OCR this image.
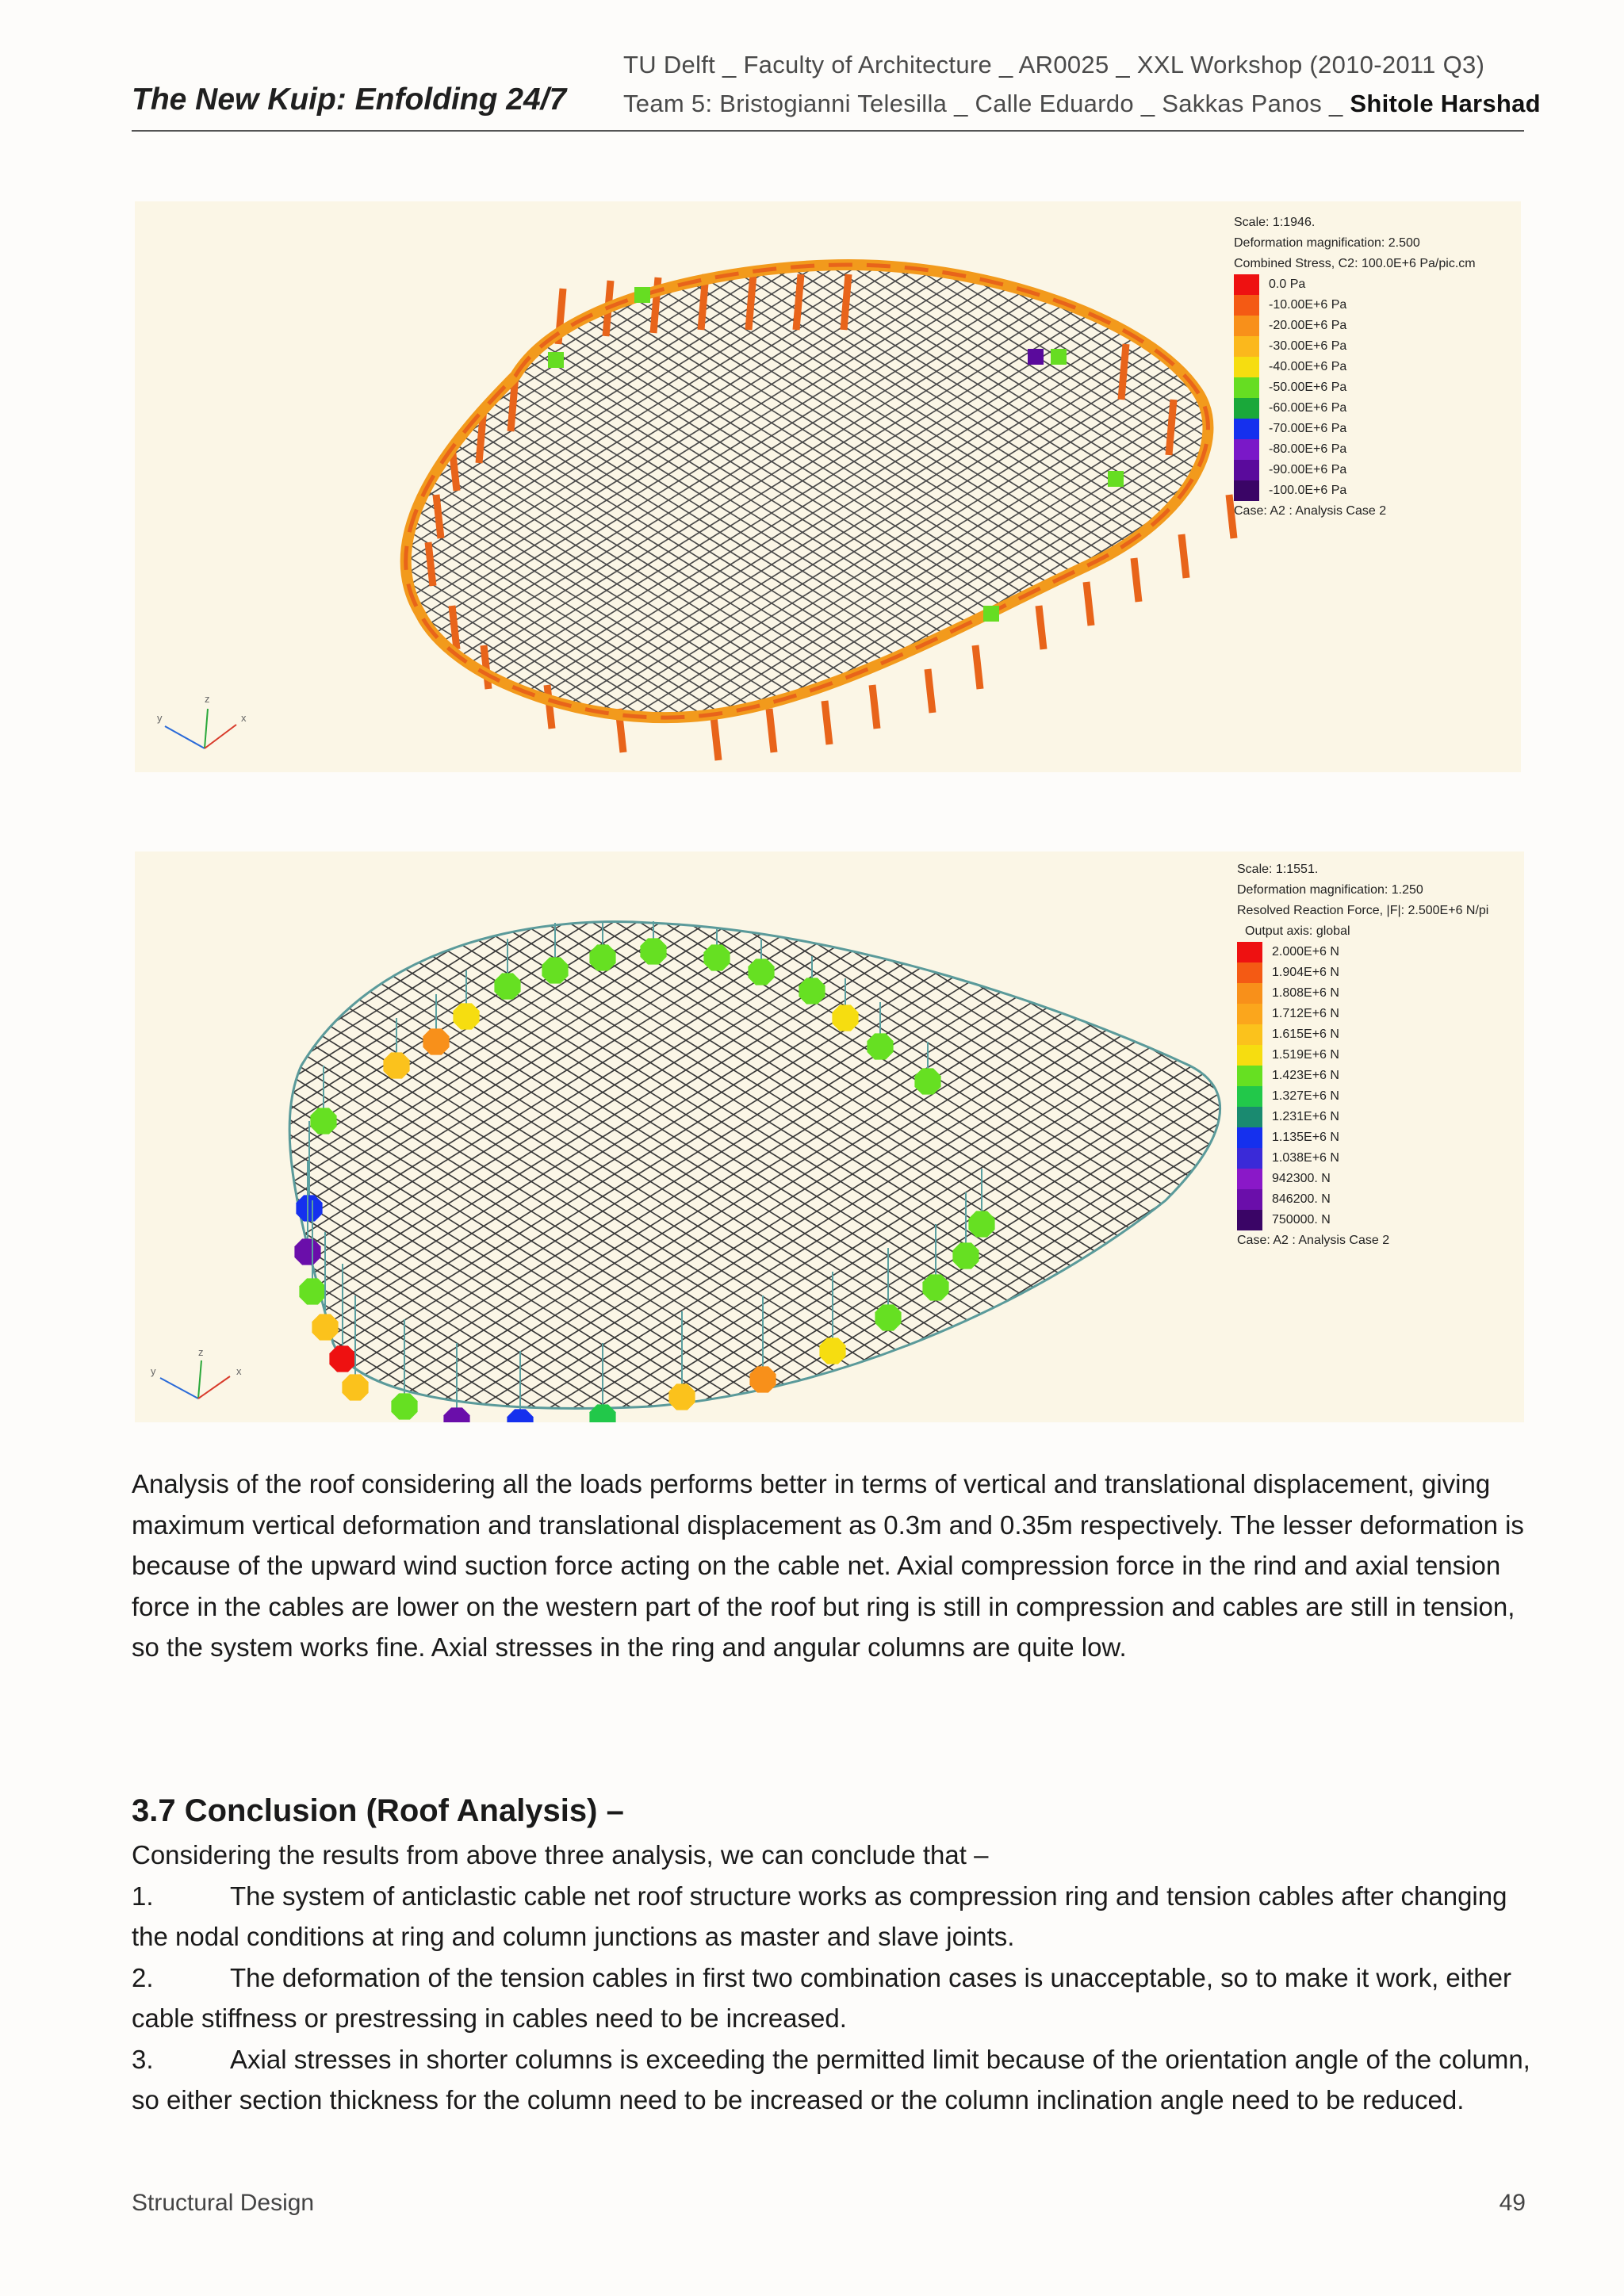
The New Kuip: Enfolding 24/7
TU Delft _ Faculty of Architecture _ AR0025 _ XXL Workshop (2010-2011 Q3)
Team 5: Bristogianni Telesilla _ Calle Eduardo _ Sakkas Panos _ Shitole Harshad
y
z
x
Scale: 1:1946.
Deformation magnification: 2.500
Combined Stress, C2: 100.0E+6 Pa/pic.cm
0.0 Pa
-10.00E+6 Pa
-20.00E+6 Pa
-30.00E+6 Pa
-40.00E+6 Pa
-50.00E+6 Pa
-60.00E+6 Pa
-70.00E+6 Pa
-80.00E+6 Pa
-90.00E+6 Pa
-100.0E+6 Pa
Case: A2 : Analysis Case 2
y
z
x
Scale: 1:1551.
Deformation magnification: 1.250
Resolved Reaction Force, |F|: 2.500E+6 N/pi
Output axis: global
2.000E+6 N
1.904E+6 N
1.808E+6 N
1.712E+6 N
1.615E+6 N
1.519E+6 N
1.423E+6 N
1.327E+6 N
1.231E+6 N
1.135E+6 N
1.038E+6 N
942300. N
846200. N
750000. N
Case: A2 : Analysis Case 2
Analysis of the roof considering all the loads performs better in terms of vertical and translational displacement, giving maximum vertical deformation and translational displacement as 0.3m and 0.35m respectively. The lesser deformation is because of the upward wind suction force acting on the cable net. Axial compression force in the rind and axial tension force in the cables are lower on the western part of the roof but ring is still in compression and cables are still in tension, so the system works fine. Axial stresses in the ring and angular columns are quite low.
3.7 Conclusion (Roof Analysis) –
Considering the results from above three analysis, we can conclude that –
1.	The system of anticlastic cable net roof structure works as compression ring and tension cables after changing the nodal conditions at ring and column junctions as master and slave joints.
2.	The deformation of the tension cables in first two combination cases is unacceptable, so to make it work, either cable stiffness or prestressing in cables need to be increased.
3.	Axial stresses in shorter columns is exceeding the permitted limit because of the orientation angle of the column, so either section thickness for the column need to be increased or the column inclination angle need to be reduced.
Structural Design	49
